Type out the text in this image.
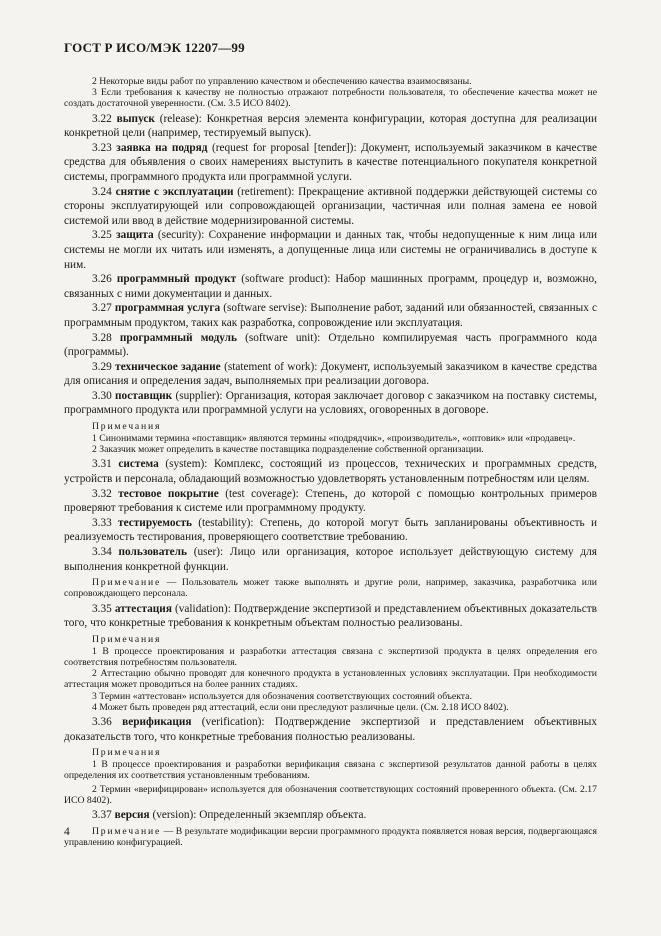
ГОСТ Р ИСО/МЭК 12207—99

2 Некоторые виды работ по управлению качеством и обеспечению качества взаимосвязаны.

3 Если требования к качеству не полностью отражают потребности пользователя, то обеспечение качества может не создать достаточной уверенности. (См. 3.5 ИСО 8402).

3.22 выпуск (release): Конкретная версия элемента конфигурации, которая доступна для реализации конкретной цели (например, тестируемый выпуск).

3.23 заявка на подряд (request for proposal [tender]): Документ, используемый заказчиком в качестве средства для объявления о своих намерениях выступить в качестве потенциального покупателя конкретной системы, программного продукта или программной услуги.

3.24 снятие с эксплуатации (retirement): Прекращение активной поддержки действующей системы со стороны эксплуатирующей или сопровождающей организации, частичная или полная замена ее новой системой или ввод в действие модернизированной системы.

3.25 защита (security): Сохранение информации и данных так, чтобы недопущенные к ним лица или системы не могли их читать или изменять, а допущенные лица или системы не ограничивались в доступе к ним.

3.26 программный продукт (software product): Набор машинных программ, процедур и, возможно, связанных с ними документации и данных.

3.27 программная услуга (software servise): Выполнение работ, заданий или обязанностей, связанных с программным продуктом, таких как разработка, сопровождение или эксплуатация.

3.28 программный модуль (software unit): Отдельно компилируемая часть программного кода (программы).

3.29 техническое задание (statement of work): Документ, используемый заказчиком в качестве средства для описания и определения задач, выполняемых при реализации договора.

3.30 поставщик (supplier): Организация, которая заключает договор с заказчиком на поставку системы, программного продукта или программной услуги на условиях, оговоренных в договоре.

Примечания

1 Синонимами термина «поставщик» являются термины «подрядчик», «производитель», «оптовик» или «продавец».

2 Заказчик может определить в качестве поставщика подразделение собственной организации.

3.31 система (system): Комплекс, состоящий из процессов, технических и программных средств, устройств и персонала, обладающий возможностью удовлетворять установленным потребностям или целям.

3.32 тестовое покрытие (test coverage): Степень, до которой с помощью контрольных примеров проверяют требования к системе или программному продукту.

3.33 тестируемость (testability): Степень, до которой могут быть запланированы объективность и реализуемость тестирования, проверяющего соответствие требованию.

3.34 пользователь (user): Лицо или организация, которое использует действующую систему для выполнения конкретной функции.

Примечание — Пользователь может также выполнять и другие роли, например, заказчика, разработчика или сопровождающего персонала.

3.35 аттестация (validation): Подтверждение экспертизой и представлением объективных доказательств того, что конкретные требования к конкретным объектам полностью реализованы.

Примечания

1 В процессе проектирования и разработки аттестация связана с экспертизой продукта в целях определения его соответствия потребностям пользователя.

2 Аттестацию обычно проводят для конечного продукта в установленных условиях эксплуатации. При необходимости аттестация может проводиться на более ранних стадиях.

3 Термин «аттестован» используется для обозначения соответствующих состояний объекта.

4 Может быть проведен ряд аттестаций, если они преследуют различные цели. (См. 2.18 ИСО 8402).

3.36 верификация (verification): Подтверждение экспертизой и представлением объективных доказательств того, что конкретные требования полностью реализованы.

Примечания

1 В процессе проектирования и разработки верификация связана с экспертизой результатов данной работы в целях определения их соответствия установленным требованиям.

2 Термин «верифицирован» используется для обозначения соответствующих состояний проверенного объекта. (См. 2.17 ИСО 8402).

3.37 версия (version): Определенный экземпляр объекта.

Примечание — В результате модификации версии программного продукта появляется новая версия, подвергающаяся управлению конфигурацией.

4
